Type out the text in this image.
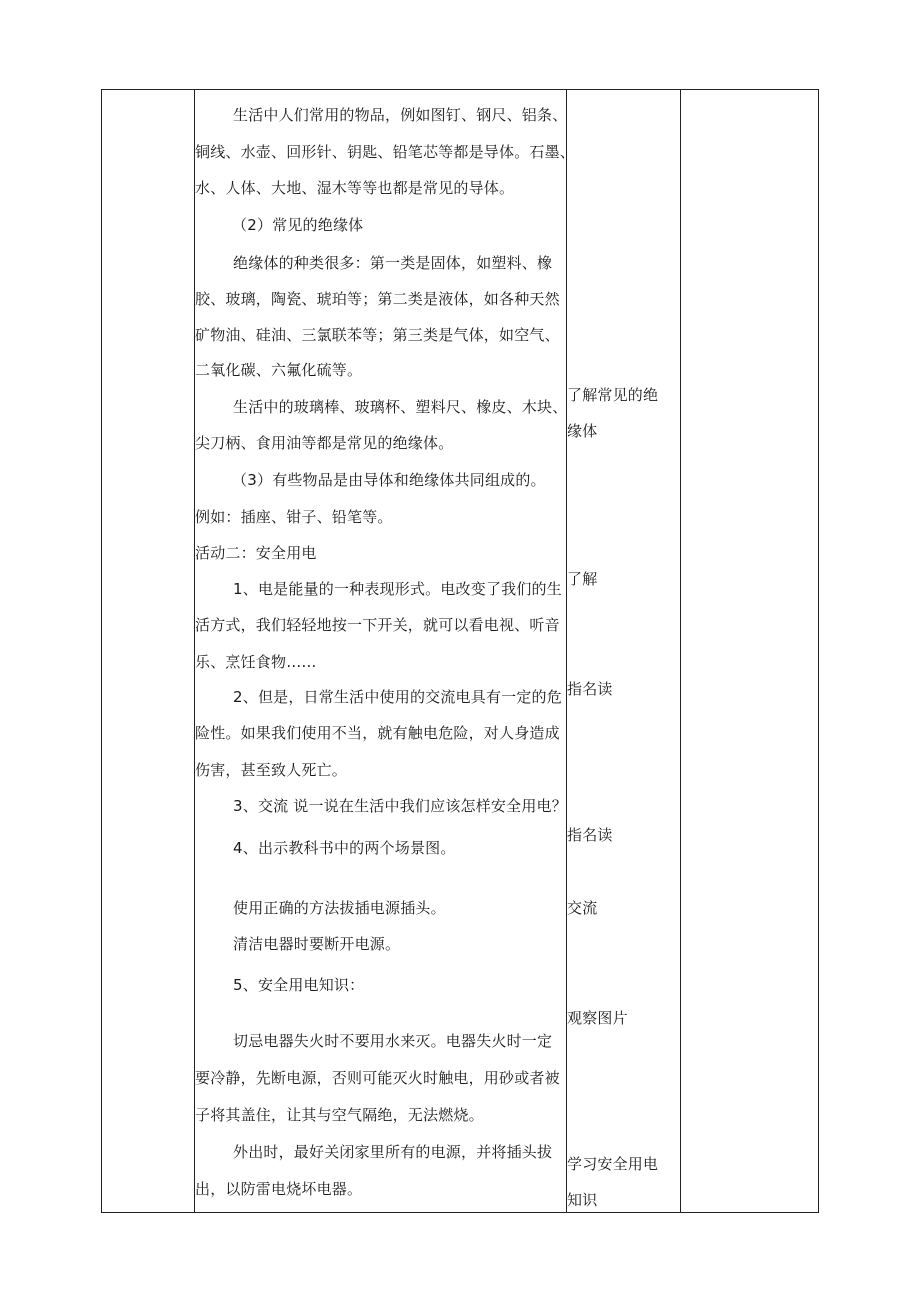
生活中人们常用的物品，例如图钉、钢尺、铝条、
铜线、水壶、回形针、钥匙、铅笔芯等都是导体。石墨、
水、人体、大地、湿木等等也都是常见的导体。
（2）常见的绝缘体
绝缘体的种类很多：第一类是固体，如塑料、橡
胶、玻璃，陶瓷、琥珀等；第二类是液体，如各种天然
矿物油、硅油、三氯联苯等；第三类是气体，如空气、
二氧化碳、六氟化硫等。
生活中的玻璃棒、玻璃杯、塑料尺、橡皮、木块、
尖刀柄、食用油等都是常见的绝缘体。
（3）有些物品是由导体和绝缘体共同组成的。
例如：插座、钳子、铅笔等。
活动二：安全用电
1、电是能量的一种表现形式。电改变了我们的生
活方式，我们轻轻地按一下开关，就可以看电视、听音
乐、烹饪食物……
2、但是，日常生活中使用的交流电具有一定的危
险性。如果我们使用不当，就有触电危险，对人身造成
伤害，甚至致人死亡。
3、交流 说一说在生活中我们应该怎样安全用电？
4、出示教科书中的两个场景图。
使用正确的方法拔插电源插头。
清洁电器时要断开电源。
5、安全用电知识：
切忌电器失火时不要用水来灭。电器失火时一定
要冷静，先断电源，否则可能灭火时触电，用砂或者被
子将其盖住，让其与空气隔绝，无法燃烧。
外出时，最好关闭家里所有的电源，并将插头拔
出，以防雷电烧坏电器。
了解常见的绝
缘体
了解
指名读
指名读
交流
观察图片
学习安全用电
知识
